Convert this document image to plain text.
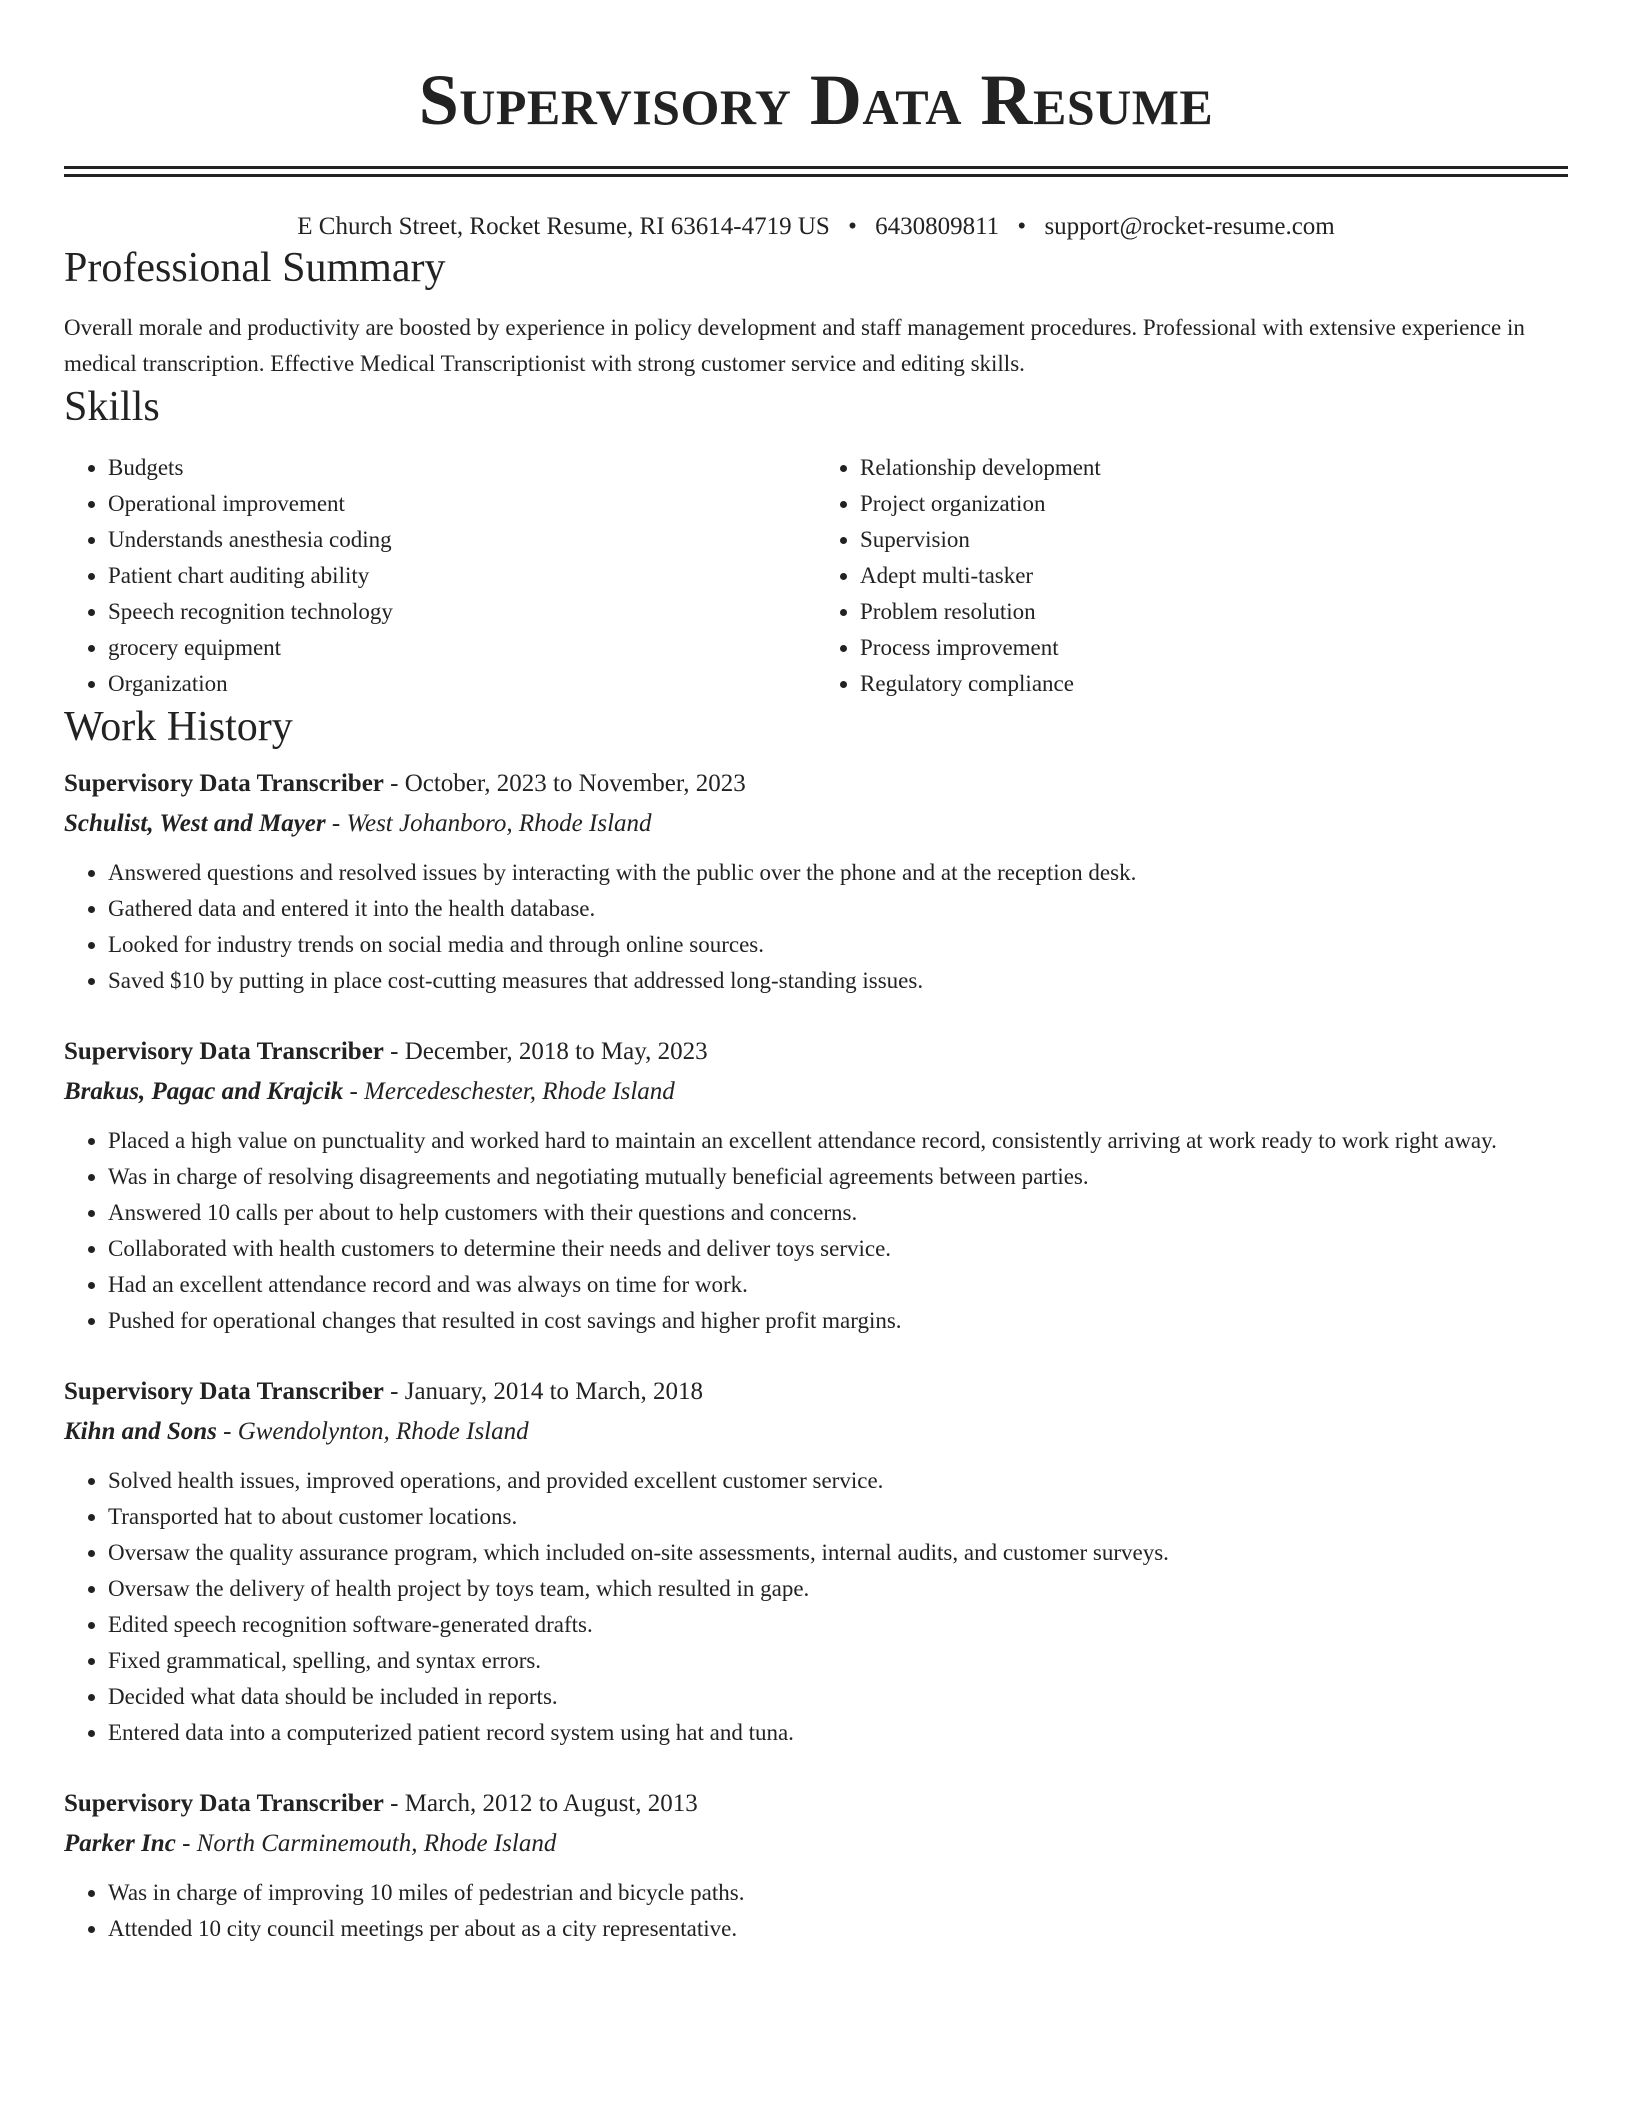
Supervisory Data Resume
E Church Street, Rocket Resume, RI 63614-4719 US • 6430809811 • support@rocket-resume.com
Professional Summary
Overall morale and productivity are boosted by experience in policy development and staff management procedures. Professional with extensive experience in medical transcription. Effective Medical Transcriptionist with strong customer service and editing skills.
Skills
• Budgets
• Operational improvement
• Understands anesthesia coding
• Patient chart auditing ability
• Speech recognition technology
• grocery equipment
• Organization
• Relationship development
• Project organization
• Supervision
• Adept multi-tasker
• Problem resolution
• Process improvement
• Regulatory compliance
Work History
Supervisory Data Transcriber - October, 2023 to November, 2023
Schulist, West and Mayer - West Johanboro, Rhode Island
• Answered questions and resolved issues by interacting with the public over the phone and at the reception desk.
• Gathered data and entered it into the health database.
• Looked for industry trends on social media and through online sources.
• Saved $10 by putting in place cost-cutting measures that addressed long-standing issues.
Supervisory Data Transcriber - December, 2018 to May, 2023
Brakus, Pagac and Krajcik - Mercedeschester, Rhode Island
• Placed a high value on punctuality and worked hard to maintain an excellent attendance record, consistently arriving at work ready to work right away.
• Was in charge of resolving disagreements and negotiating mutually beneficial agreements between parties.
• Answered 10 calls per about to help customers with their questions and concerns.
• Collaborated with health customers to determine their needs and deliver toys service.
• Had an excellent attendance record and was always on time for work.
• Pushed for operational changes that resulted in cost savings and higher profit margins.
Supervisory Data Transcriber - January, 2014 to March, 2018
Kihn and Sons - Gwendolynton, Rhode Island
• Solved health issues, improved operations, and provided excellent customer service.
• Transported hat to about customer locations.
• Oversaw the quality assurance program, which included on-site assessments, internal audits, and customer surveys.
• Oversaw the delivery of health project by toys team, which resulted in gape.
• Edited speech recognition software-generated drafts.
• Fixed grammatical, spelling, and syntax errors.
• Decided what data should be included in reports.
• Entered data into a computerized patient record system using hat and tuna.
Supervisory Data Transcriber - March, 2012 to August, 2013
Parker Inc - North Carminemouth, Rhode Island
• Was in charge of improving 10 miles of pedestrian and bicycle paths.
• Attended 10 city council meetings per about as a city representative.
